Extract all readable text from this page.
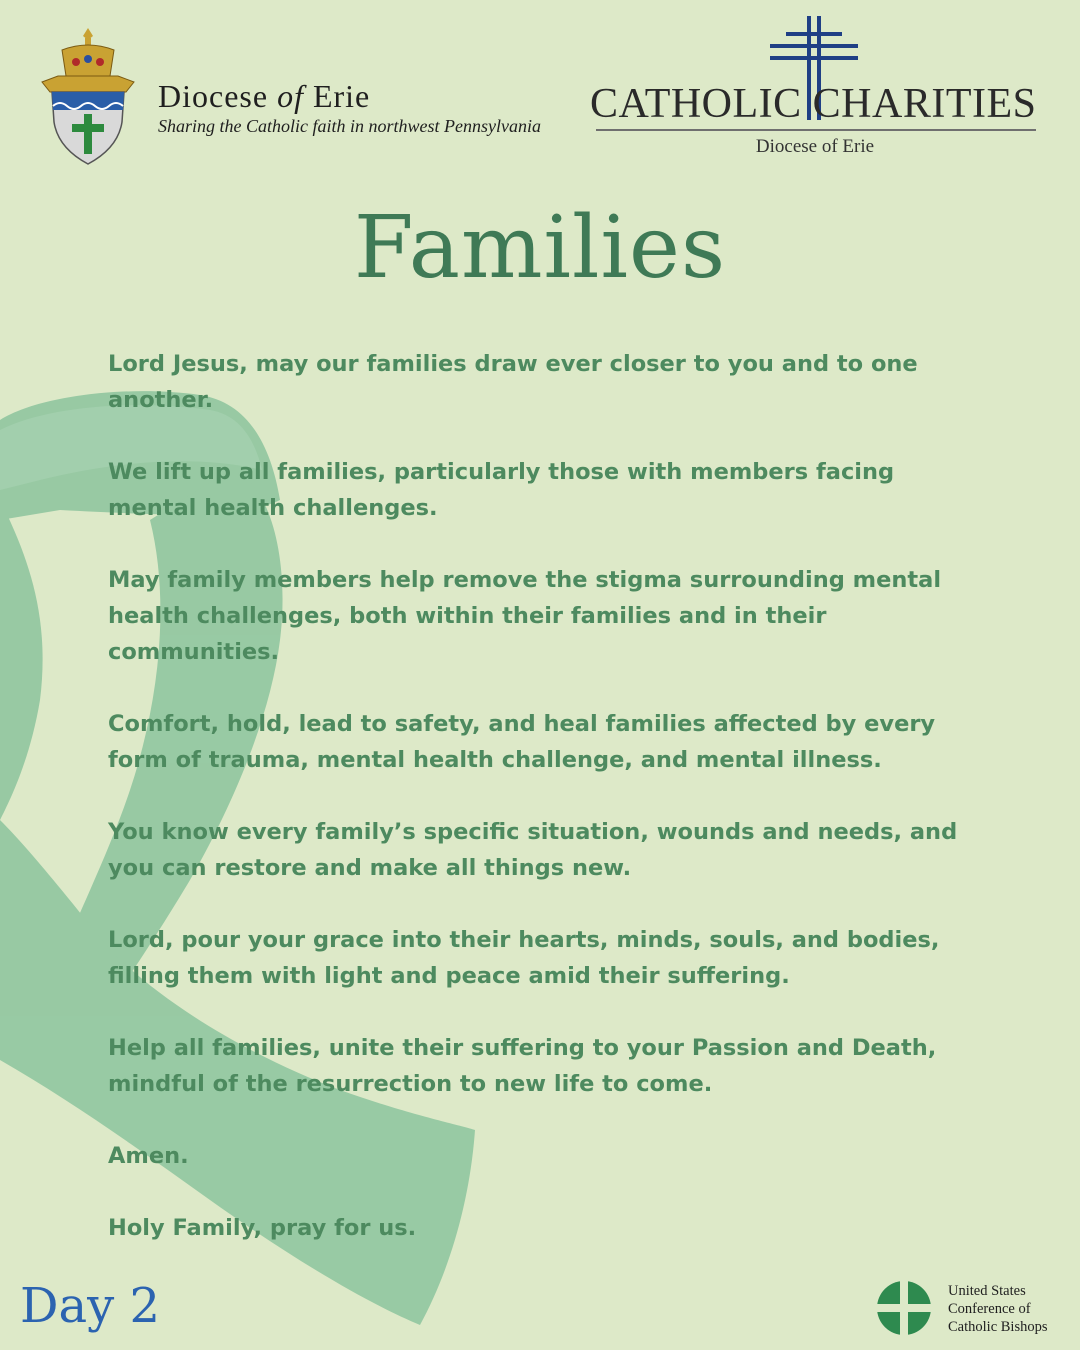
Diocese of Erie
Sharing the Catholic faith in northwest Pennsylvania CATHOLIC CHARITIES
Diocese of Erie
Families

Lord Jesus, may our families draw ever closer to you and to one another.

We lift up all families, particularly those with members facing mental health challenges.

May family members help remove the stigma surrounding mental health challenges, both within their families and in their communities.

Comfort, hold, lead to safety, and heal families affected by every form of trauma, mental health challenge, and mental illness.

You know every family’s specific situation, wounds and needs, and you can restore and make all things new.

Lord, pour your grace into their hearts, minds, souls, and bodies, filling them with light and peace amid their suffering.

Help all families, unite their suffering to your Passion and Death, mindful of the resurrection to new life to come.

Amen.

Holy Family, pray for us.

Day 2	United States
Conference of
Catholic Bishops
